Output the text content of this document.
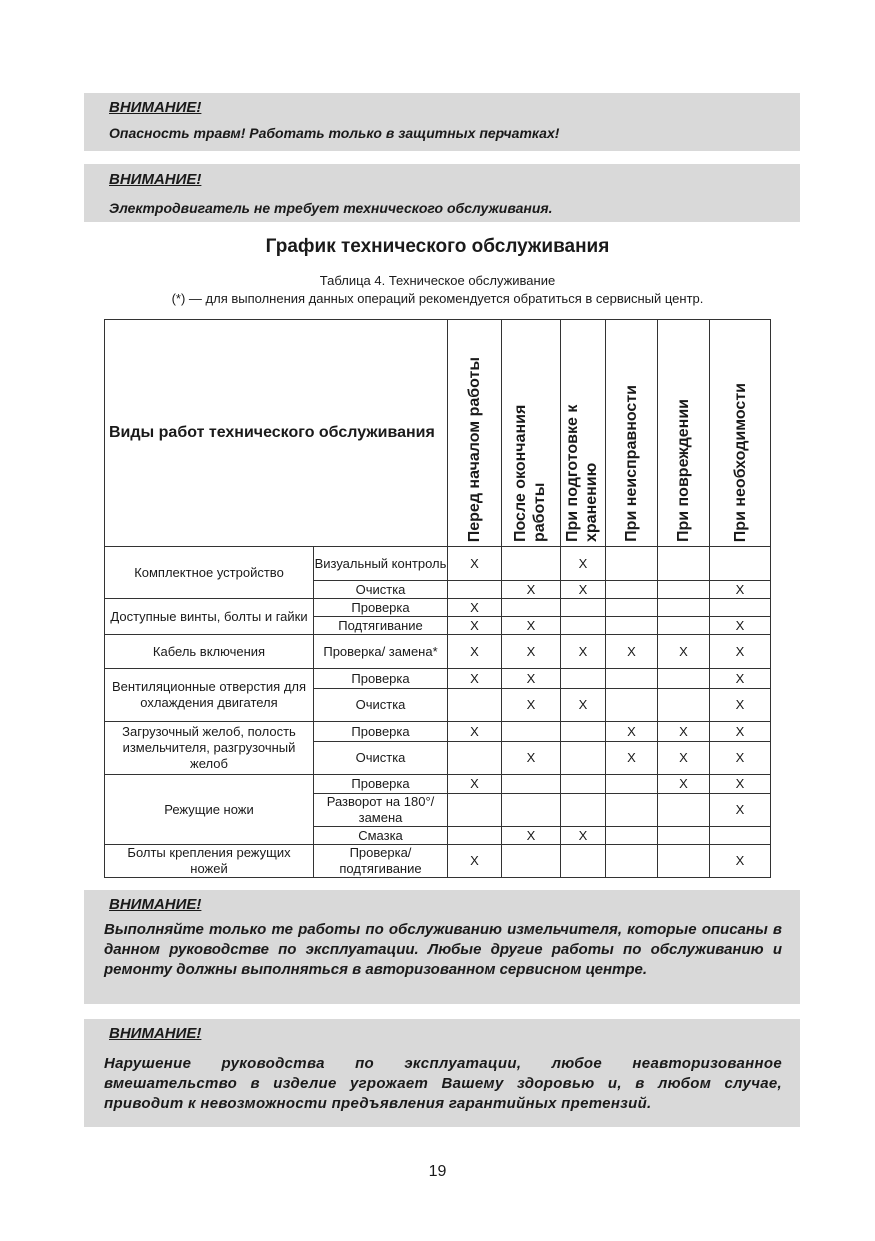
ВНИМАНИЕ!
Опасность травм! Работать только в защитных перчатках!
ВНИМАНИЕ!
Электродвигатель не требует технического обслуживания.
График технического обслуживания
Таблица 4. Техническое обслуживание
(*) — для выполнения данных операций рекомендуется обратиться в сервисный центр.
Виды работ технического обслуживания		Перед началом работы	После окончания работы	При подготовке к хранению	При неисправности	При повреждении	При необходимости
Комплектное устройство	Визуальный контроль	X		X			
	Очистка		X	X			X
Доступные винты, болты и гайки	Проверка	X					
	Подтягивание	X	X				X
Кабель включения	Проверка/ замена*	X	X	X	X	X	X
Вентиляционные отверстия для охлаждения двигателя	Проверка	X	X				X
	Очистка		X	X			X
Загрузочный желоб, полость измельчителя, разгрузочный желоб	Проверка	X			X	X	X
	Очистка		X		X	X	X
Режущие ножи	Проверка	X				X	X
	Разворот на 180°/ замена						X
	Смазка		X	X			
Болты крепления режущих ножей	Проверка/ подтягивание	X					X
ВНИМАНИЕ!
Выполняйте только те работы по обслуживанию измельчителя, которые описаны в данном руководстве по эксплуатации. Любые другие работы по обслуживанию и ремонту должны выполняться в авторизованном сервисном центре.
ВНИМАНИЕ!
Нарушение руководства по эксплуатации, любое неавторизованное вмешательство в изделие угрожает Вашему здоровью и, в любом случае, приводит к невозможности предъявления гарантийных претензий.
19
